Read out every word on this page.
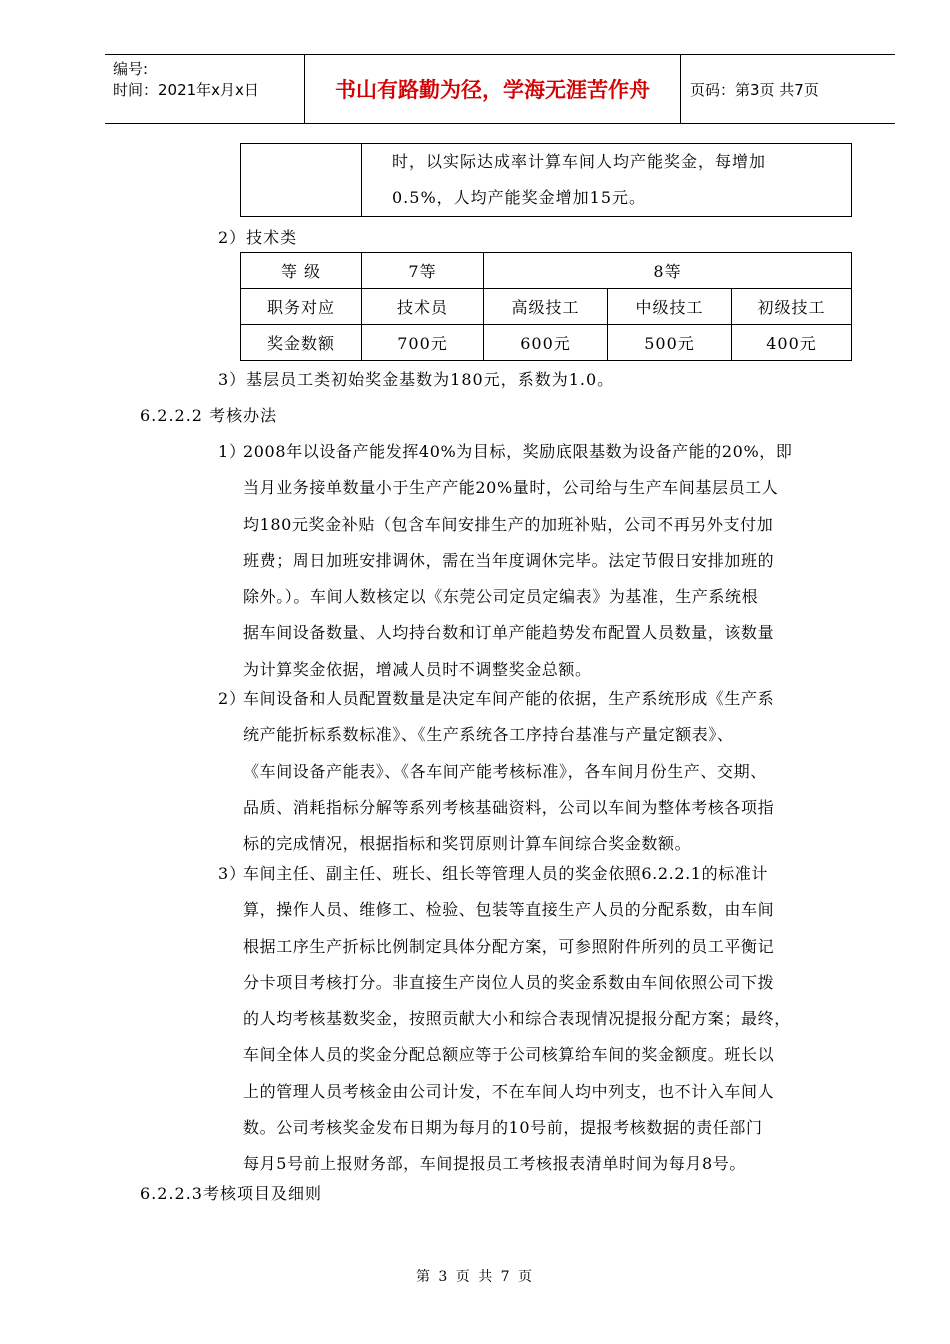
编号:
时间：2021年x月x日	书山有路勤为径，学海无涯苦作舟	页码：第3页 共7页

时，以实际达成率计算车间人均产能奖金，每增加
0.5%，人均产能奖金增加15元。
2）技术类
等 级	7等	8等		
职务对应	技术员	高级技工	中级技工	初级技工
奖金数额	700元	600元	500元	400元
3）基层员工类初始奖金基数为180元，系数为1.0。
6.2.2.2 考核办法
1）
2008年以设备产能发挥40%为目标，奖励底限基数为设备产能的20%，即
当月业务接单数量小于生产产能20%量时，公司给与生产车间基层员工人
均180元奖金补贴（包含车间安排生产的加班补贴，公司不再另外支付加
班费；周日加班安排调休，需在当年度调休完毕。法定节假日安排加班的
除外。）。车间人数核定以《东莞公司定员定编表》为基准，生产系统根
据车间设备数量、人均持台数和订单产能趋势发布配置人员数量，该数量
为计算奖金依据，增减人员时不调整奖金总额。
2）
车间设备和人员配置数量是决定车间产能的依据，生产系统形成《生产系
统产能折标系数标准》、《生产系统各工序持台基准与产量定额表》、
《车间设备产能表》、《各车间产能考核标准》，各车间月份生产、交期、
品质、消耗指标分解等系列考核基础资料，公司以车间为整体考核各项指
标的完成情况，根据指标和奖罚原则计算车间综合奖金数额。
3）
车间主任、副主任、班长、组长等管理人员的奖金依照6.2.2.1的标准计
算，操作人员、维修工、检验、包装等直接生产人员的分配系数，由车间
根据工序生产折标比例制定具体分配方案，可参照附件所列的员工平衡记
分卡项目考核打分。非直接生产岗位人员的奖金系数由车间依照公司下拨
的人均考核基数奖金，按照贡献大小和综合表现情况提报分配方案；最终，
车间全体人员的奖金分配总额应等于公司核算给车间的奖金额度。班长以
上的管理人员考核金由公司计发，不在车间人均中列支，也不计入车间人
数。公司考核奖金发布日期为每月的10号前，提报考核数据的责任部门
每月5号前上报财务部，车间提报员工考核报表清单时间为每月8号。
6.2.2.3考核项目及细则
第 3 页 共 7 页
